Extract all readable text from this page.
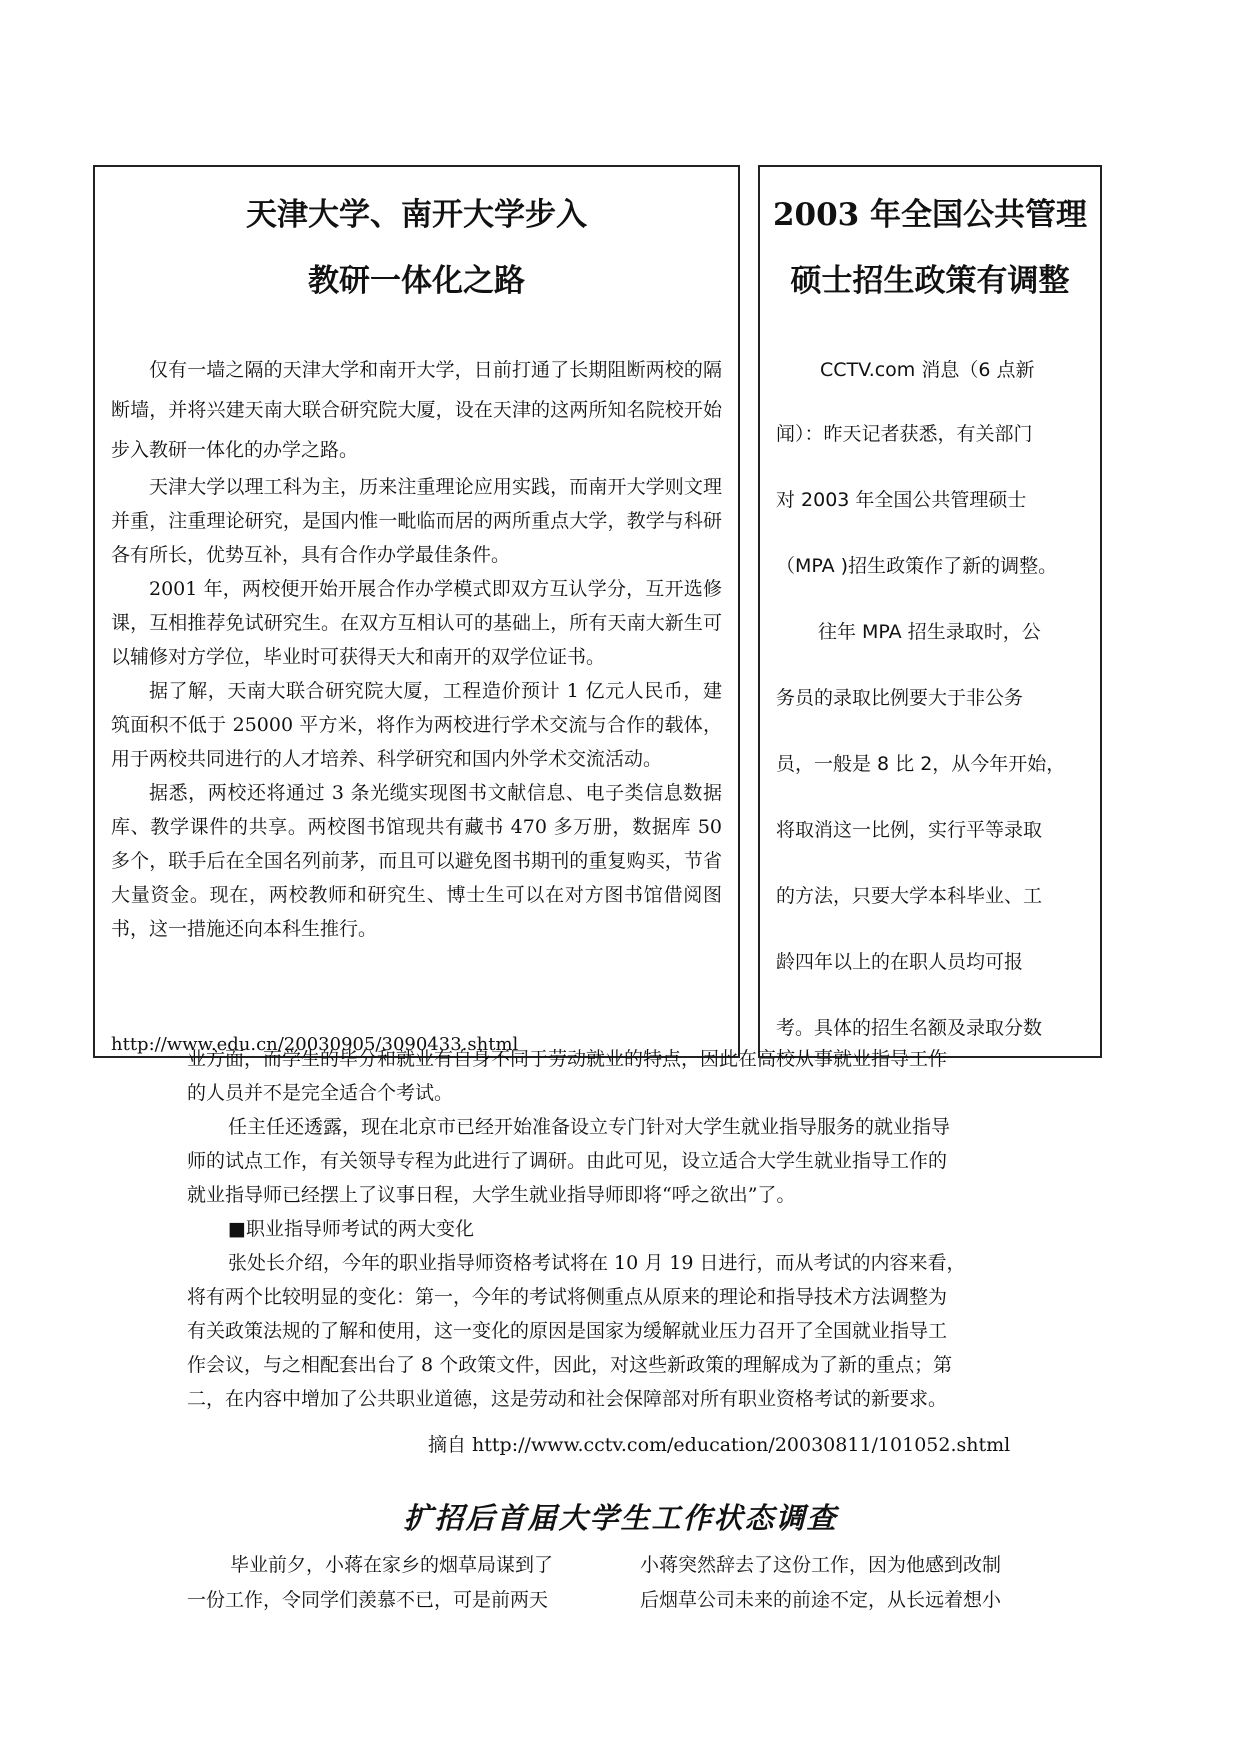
天津大学、南开大学步入
教研一体化之路

仅有一墙之隔的天津大学和南开大学，日前打通了长期阻断两校的隔断墙，并将兴建天南大联合研究院大厦，设在天津的这两所知名院校开始步入教研一体化的办学之路。

天津大学以理工科为主，历来注重理论应用实践，而南开大学则文理并重，注重理论研究，是国内惟一毗临而居的两所重点大学，教学与科研各有所长，优势互补，具有合作办学最佳条件。

2001 年，两校便开始开展合作办学模式即双方互认学分，互开选修课，互相推荐免试研究生。在双方互相认可的基础上，所有天南大新生可以辅修对方学位，毕业时可获得天大和南开的双学位证书。

据了解，天南大联合研究院大厦，工程造价预计 1 亿元人民币，建筑面积不低于 25000 平方米，将作为两校进行学术交流与合作的载体，用于两校共同进行的人才培养、科学研究和国内外学术交流活动。

据悉，两校还将通过 3 条光缆实现图书文献信息、电子类信息数据库、教学课件的共享。两校图书馆现共有藏书 470 多万册，数据库 50 多个，联手后在全国名列前茅，而且可以避免图书期刊的重复购买，节省大量资金。现在，两校教师和研究生、博士生可以在对方图书馆借阅图书，这一措施还向本科生推行。

http://www.edu.cn/20030905/3090433.shtml
2003 年全国公共管理
硕士招生政策有调整
CCTV.com 消息（6 点新
闻）：昨天记者获悉，有关部门
对 2003 年全国公共管理硕士
（MPA )招生政策作了新的调整。
往年 MPA 招生录取时，公
务员的录取比例要大于非公务
员，一般是 8 比 2，从今年开始，
将取消这一比例，实行平等录取
的方法，只要大学本科毕业、工
龄四年以上的在职人员均可报
考。具体的招生名额及录取分数
业方面，而学生的毕分和就业有自身不同于劳动就业的特点，因此在高校从事就业指导工作
的人员并不是完全适合个考试。
任主任还透露，现在北京市已经开始准备设立专门针对大学生就业指导服务的就业指导
师的试点工作，有关领导专程为此进行了调研。由此可见，设立适合大学生就业指导工作的
就业指导师已经摆上了议事日程，大学生就业指导师即将“呼之欲出”了。
■职业指导师考试的两大变化
张处长介绍，今年的职业指导师资格考试将在 10 月 19 日进行，而从考试的内容来看，
将有两个比较明显的变化：第一，今年的考试将侧重点从原来的理论和指导技术方法调整为
有关政策法规的了解和使用，这一变化的原因是国家为缓解就业压力召开了全国就业指导工
作会议，与之相配套出台了 8 个政策文件，因此，对这些新政策的理解成为了新的重点；第
二，在内容中增加了公共职业道德，这是劳动和社会保障部对所有职业资格考试的新要求。
摘自 http://www.cctv.com/education/20030811/101052.shtml
扩招后首届大学生工作状态调查
毕业前夕，小蒋在家乡的烟草局谋到了
一份工作，令同学们羡慕不已，可是前两天
小蒋突然辞去了这份工作，因为他感到改制
后烟草公司未来的前途不定，从长远着想小
